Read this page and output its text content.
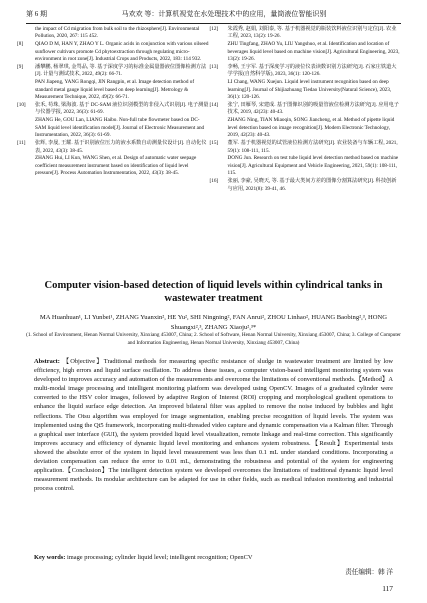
第 6 期	马欢欢 等：计算机视觉在水处理技术中的应用，量筒液位智能识别
the impact of Cd migration from bulk soil to the rhizosphere[J]. Environmental Pollution, 2020, 267: 115 452.
[8] QIAO D M, HAN Y, ZHAO Y L. Organic acids in conjunction with various oilseed sunflower cultivars promote Cd phytoextraction through regulating micro-environment in root zone[J]. Industrial Crops and Products, 2022, 183: 114 932.
[9] 潘攀鹏, 杨翠琪, 金骂品, 等. 基于深度学习的标准金属量器液位图像检测方法[J]. 计量与测试技术, 2022, 49(2): 66-71.
PAN Jiapeng, YANG Rongqi, JIN Rangpin, et al. Image detection method of standard metal gauge liquid level based on deep learning[J]. Metrology & Measurement Technique, 2022, 49(2): 66-71.
[10] 张禾, 苟珠, 梁海波. 基于 DC-SAM 液位识别模型的非侵入式识别[J]. 电子测量与仪器学报, 2022, 36(3): 61-69.
ZHANG He, GOU Lan, LIANG Haibo. Non-full tube flowmeter based on DC-SAM liquid level identification model[J]. Journal of Electronic Measurement and Instrumentation, 2022, 36(3): 61-69.
[11] 张辉, 李晟, 王耀. 基于识别液位压力的液水系数自动测量仪设计[J]. 自动化仪表, 2022, 43(3): 38-45.
ZHANG Hui, LI Kun, WANG Shen, et al. Design of automatic water seepage coefficient measurement instrument based on identification of liquid level pressure[J]. Process Automation Instrumentation, 2022, 43(3): 38-45.
[12] 朱霞秀, 赵娟, 刘阳泰, 等. 基于机器视觉的瓶装饮料液位识别与定位[J]. 农业工程, 2023, 13(2): 19-26.
ZHU Tingfang, ZHAO Yu, LIU Yangshuo, et al. Identification and location of beverages liquid level based on machine vision[J]. Agricultural Engineering, 2023, 13(2): 19-26.
[13] 李畅, 王宇军. 基于深度学习的液位仪表读数识别方法研究[J]. 石家庄铁道大学学报(自然科学版), 2023, 36(1): 120-126.
LI Chang, WANG Xuejun. Liquid level instrument recognition based on deep learning[J]. Journal of Shijiazhuang Tiedao University(Natural Science), 2023, 36(1): 120-126.
[14] 张宁, 田雁琴, 宋建成. 基于图像识别的吸量管液位检测方法研究[J]. 应用电子技术, 2019, 42(23): 40-43.
ZHANG Ning, TIAN Miaoqin, SONG Jiancheng, et al. Method of pipette liquid level detection based on image recognition[J]. Modern Electronic Technology, 2019, 42(23): 40-43.
[15] 董军. 基于机器视觉的试管液位检测方法研究[J]. 农业装备与车辆工程, 2021, 59(1): 108-111, 115.
DONG Jun. Research on test tube liquid level detection method based on machine vision[J]. Agricultural Equipment and Vehicle Engineering, 2021, 59(1): 108-111, 115.
[16] 张丽, 李豪, 吴晓天, 等. 基于最大类间方差的图像分割算法研究[J]. 科技创新与应用, 2021(8): 39-41, 46.
Computer vision-based detection of liquid levels within cylindrical tanks in wastewater treatment
MA Huanhuan¹, LI Yunbei¹, ZHANG Yuanxin², HE Yu², SHI Ningning², FAN Anrui², ZHOU Linhao², HUANG Baobing²,³, HONG Shuangxi²,³, ZHANG Xiaoju²,³*
(1. School of Environment, Henan Normal University, Xinxiang 453007, China; 2. School of Software, Henan Normal University, Xinxiang 453007, China; 3. College of Computer and Information Engineering, Henan Normal University, Xinxiang 453007, China)
Abstract: 【Objective】Traditional methods for measuring specific resistance of sludge in wastewater treatment are limited by low efficiency, high errors and liquid surface oscillation. To address these issues, a computer vision-based intelligent monitoring system was developed to improves accuracy and automation of the measurements and overcome the limitations of conventional methods.【Method】A multi-modal image processing and intelligent monitoring platform was developed using OpenCV. Images of a graduated cylinder were converted to the HSV color images, followed by adaptive Region of Interest (ROI) cropping and morphological gradient operations to enhance the liquid surface edge detection. An improved bilateral filter was applied to remove the noise induced by bubbles and light reflections. The Otsu algorithm was employed for image segmentation, enabling precise recognition of liquid levels. The system was implemented using the Qt5 framework, incorporating multi-threaded video capture and dynamic compensation via a Kalman filter. Through a graphical user interface (GUI), the system provided liquid level visualization, remote linkage and real-time correction. This significantly improves accuracy and efficiency of dynamic liquid level monitoring and enhances system robustness.【Result】Experimental tests showed the absolute error of the system in liquid level measurement was less than 0.1 mL under standard conditions. Incorporating a deviation compensation can reduce the error to 0.01 mL, demonstrating the robustness and potential of the system for engineering application.【Conclusion】The intelligent detection system we developed overcomes the limitations of traditional dynamic liquid level measurement methods. Its modular architecture can be adapted for use in other fields, such as medical infusion monitoring and industrial process control.
Key words: image processing; cylinder liquid level; intelligent recognition; OpenCV
责任编辑：韩 洋
117
